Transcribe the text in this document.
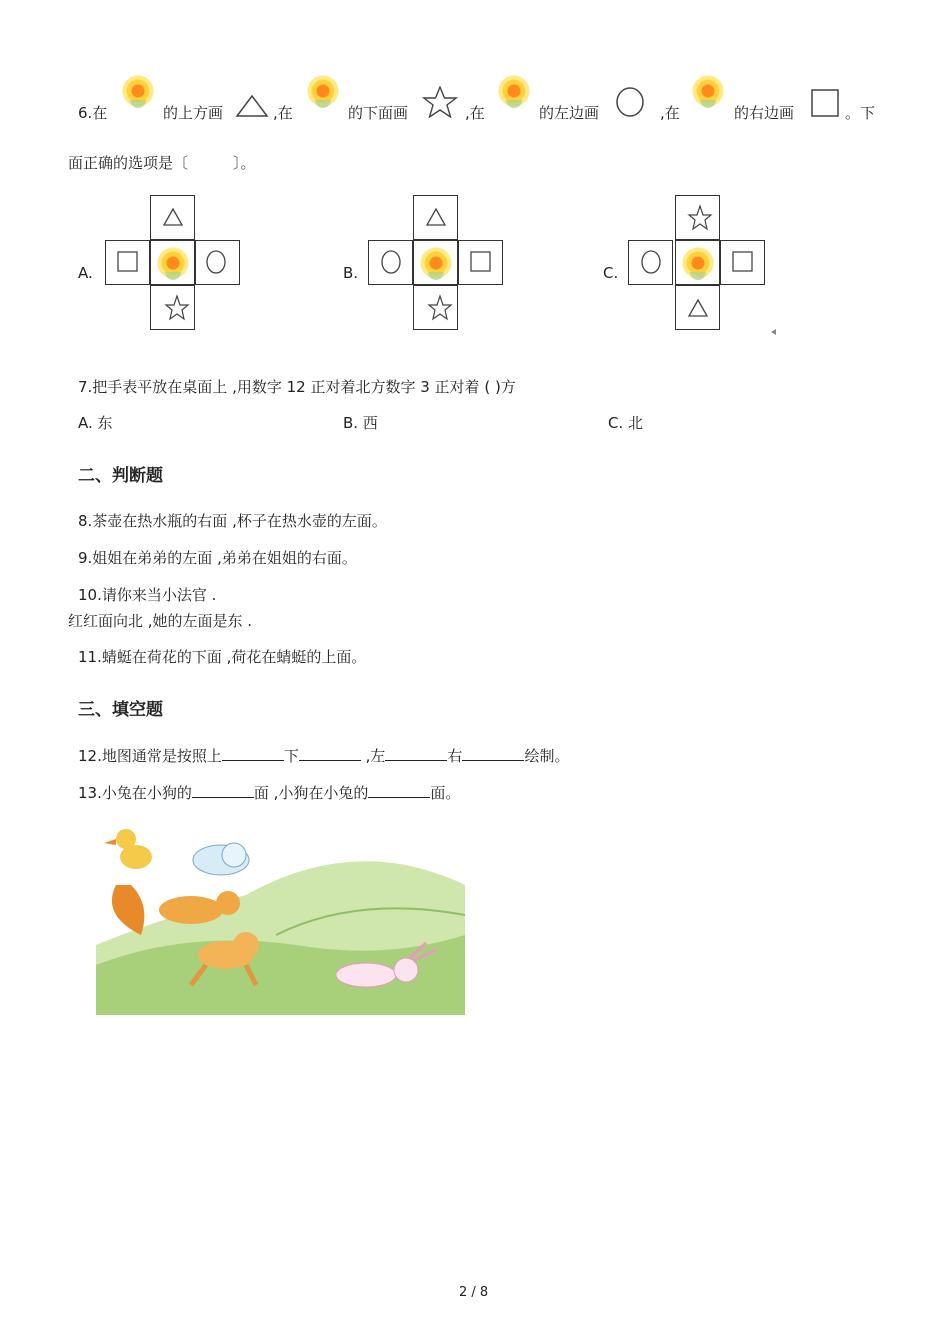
6.在	的上方画	,在	的下面画	,在	的左边画	,在	的右边画	。下
面正确的选项是〔　　　〕。
A.	B.	C.
7.把手表平放在桌面上 ,用数字 12 正对着北方数字 3 正对着 ( )方
A. 东	B. 西	C. 北
二、判断题
8.茶壶在热水瓶的右面 ,杯子在热水壶的左面。
9.姐姐在弟弟的左面 ,弟弟在姐姐的右面。
10.请你来当小法官 .
红红面向北 ,她的左面是东 .
11.蜻蜓在荷花的下面 ,荷花在蜻蜓的上面。
三、填空题
12.地图通常是按照上	下	,左	右	绘制。
13.小兔在小狗的	面 ,小狗在小兔的	面。
2 / 8
